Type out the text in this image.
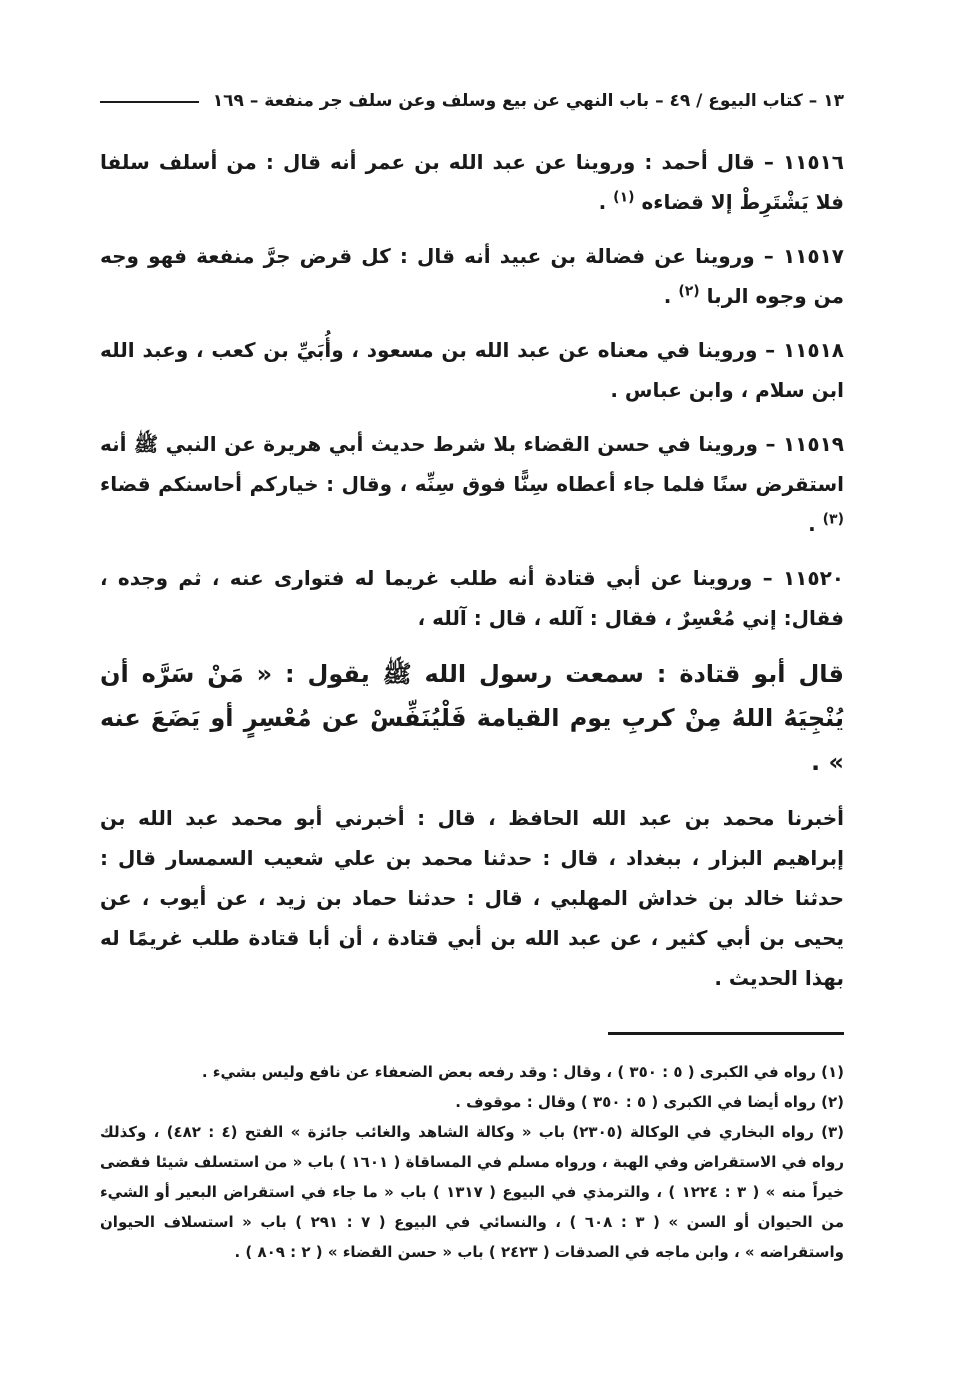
١٣ – كتاب البيوع / ٤٩ – باب النهي عن بيع وسلف وعن سلف جر منفعة – ١٦٩

١١٥١٦ – قال أحمد : وروينا عن عبد الله بن عمر أنه قال : من أسلف سلفا فلا يَشْتَرِطْ إلا قضاءه $^{(١)}$ .

١١٥١٧ – وروينا عن فضالة بن عبيد أنه قال : كل قرض جرَّ منفعة فهو وجه من وجوه الربا $^{(٢)}$ .

١١٥١٨ – وروينا في معناه عن عبد الله بن مسعود ، وأُبَيِّ بن كعب ، وعبد الله ابن سلام ، وابن عباس .

١١٥١٩ – وروينا في حسن القضاء بلا شرط حديث أبي هريرة عن النبي ﷺ أنه استقرض سنًا فلما جاء أعطاه سِنًّا فوق سِنِّه ، وقال : خياركم أحاسنكم قضاء $^{(٣)}$ .

١١٥٢٠ – وروينا عن أبي قتادة أنه طلب غريما له فتوارى عنه ، ثم وجده ، فقال: إني مُعْسِرٌ ، فقال : آلله ، قال : آلله ،

قال أبو قتادة : سمعت رسول الله ﷺ يقول : « مَنْ سَرَّه أن يُنْجِيَهُ اللهُ مِنْ كربِ يوم القيامة فَلْيُنَفِّسْ عن مُعْسِرٍ أو يَضَعَ عنه » .

أخبرنا محمد بن عبد الله الحافظ ، قال : أخبرني أبو محمد عبد الله بن إبراهيم البزار ، ببغداد ، قال : حدثنا محمد بن علي شعيب السمسار قال : حدثنا خالد بن خداش المهلبي ، قال : حدثنا حماد بن زيد ، عن أيوب ، عن يحيى بن أبي كثير ، عن عبد الله بن أبي قتادة ، أن أبا قتادة طلب غريمًا له بهذا الحديث .

(١) رواه في الكبرى ( ٥ : ٣٥٠ ) ، وقال : وقد رفعه بعض الضعفاء عن نافع وليس بشيء .

(٢) رواه أيضا في الكبرى ( ٥ : ٣٥٠ ) وقال : موقوف .

(٣) رواه البخاري في الوكالة (٢٣٠٥) باب « وكالة الشاهد والغائب جائزة » الفتح (٤ : ٤٨٢) ، وكذلك رواه في الاستقراض وفي الهبة ، ورواه مسلم في المساقاة ( ١٦٠١ ) باب « من استسلف شيئا فقضى خيراً منه » ( ٣ : ١٢٢٤ ) ، والترمذي في البيوع ( ١٣١٧ ) باب « ما جاء في استقراض البعير أو الشيء من الحيوان أو السن » ( ٣ : ٦٠٨ ) ، والنسائي في البيوع ( ٧ : ٢٩١ ) باب « استسلاف الحيوان واستقراضه » ، وابن ماجه في الصدقات ( ٢٤٢٣ ) باب « حسن القضاء » ( ٢ : ٨٠٩ ) .
